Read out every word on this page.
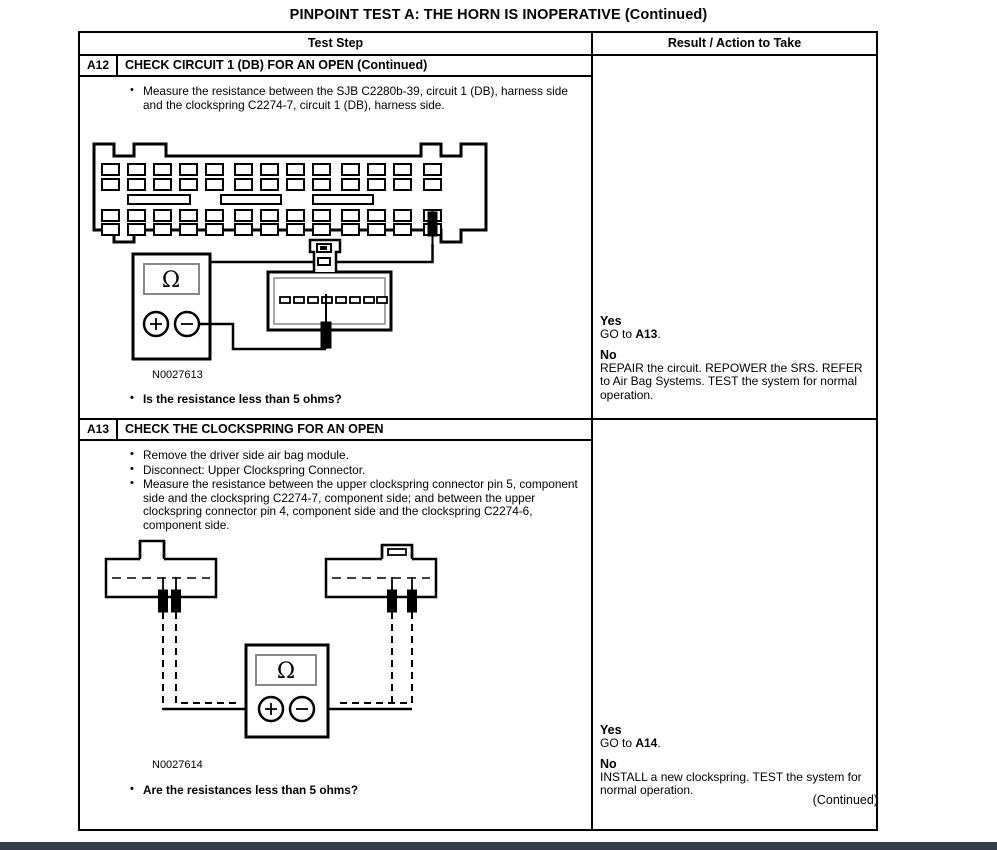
PINPOINT TEST A: THE HORN IS INOPERATIVE (Continued)
Test Step	Result / Action to Take
A12	CHECK CIRCUIT 1 (DB) FOR AN OPEN (Continued)
• Measure the resistance between the SJB C2280b-39, circuit 1 (DB), harness side and the clockspring C2274-7, circuit 1 (DB), harness side.
Ω
N0027613
• Is the resistance less than 5 ohms?
Yes
GO to A13.
No
REPAIR the circuit. REPOWER the SRS. REFER to Air Bag Systems. TEST the system for normal operation.
A13	CHECK THE CLOCKSPRING FOR AN OPEN
• Remove the driver side air bag module.
• Disconnect: Upper Clockspring Connector.
• Measure the resistance between the upper clockspring connector pin 5, component side and the clockspring C2274-7, component side; and between the upper clockspring connector pin 4, component side and the clockspring C2274-6, component side.
Ω
N0027614
• Are the resistances less than 5 ohms?
Yes
GO to A14.
No
INSTALL a new clockspring. TEST the system for normal operation.
(Continued)
